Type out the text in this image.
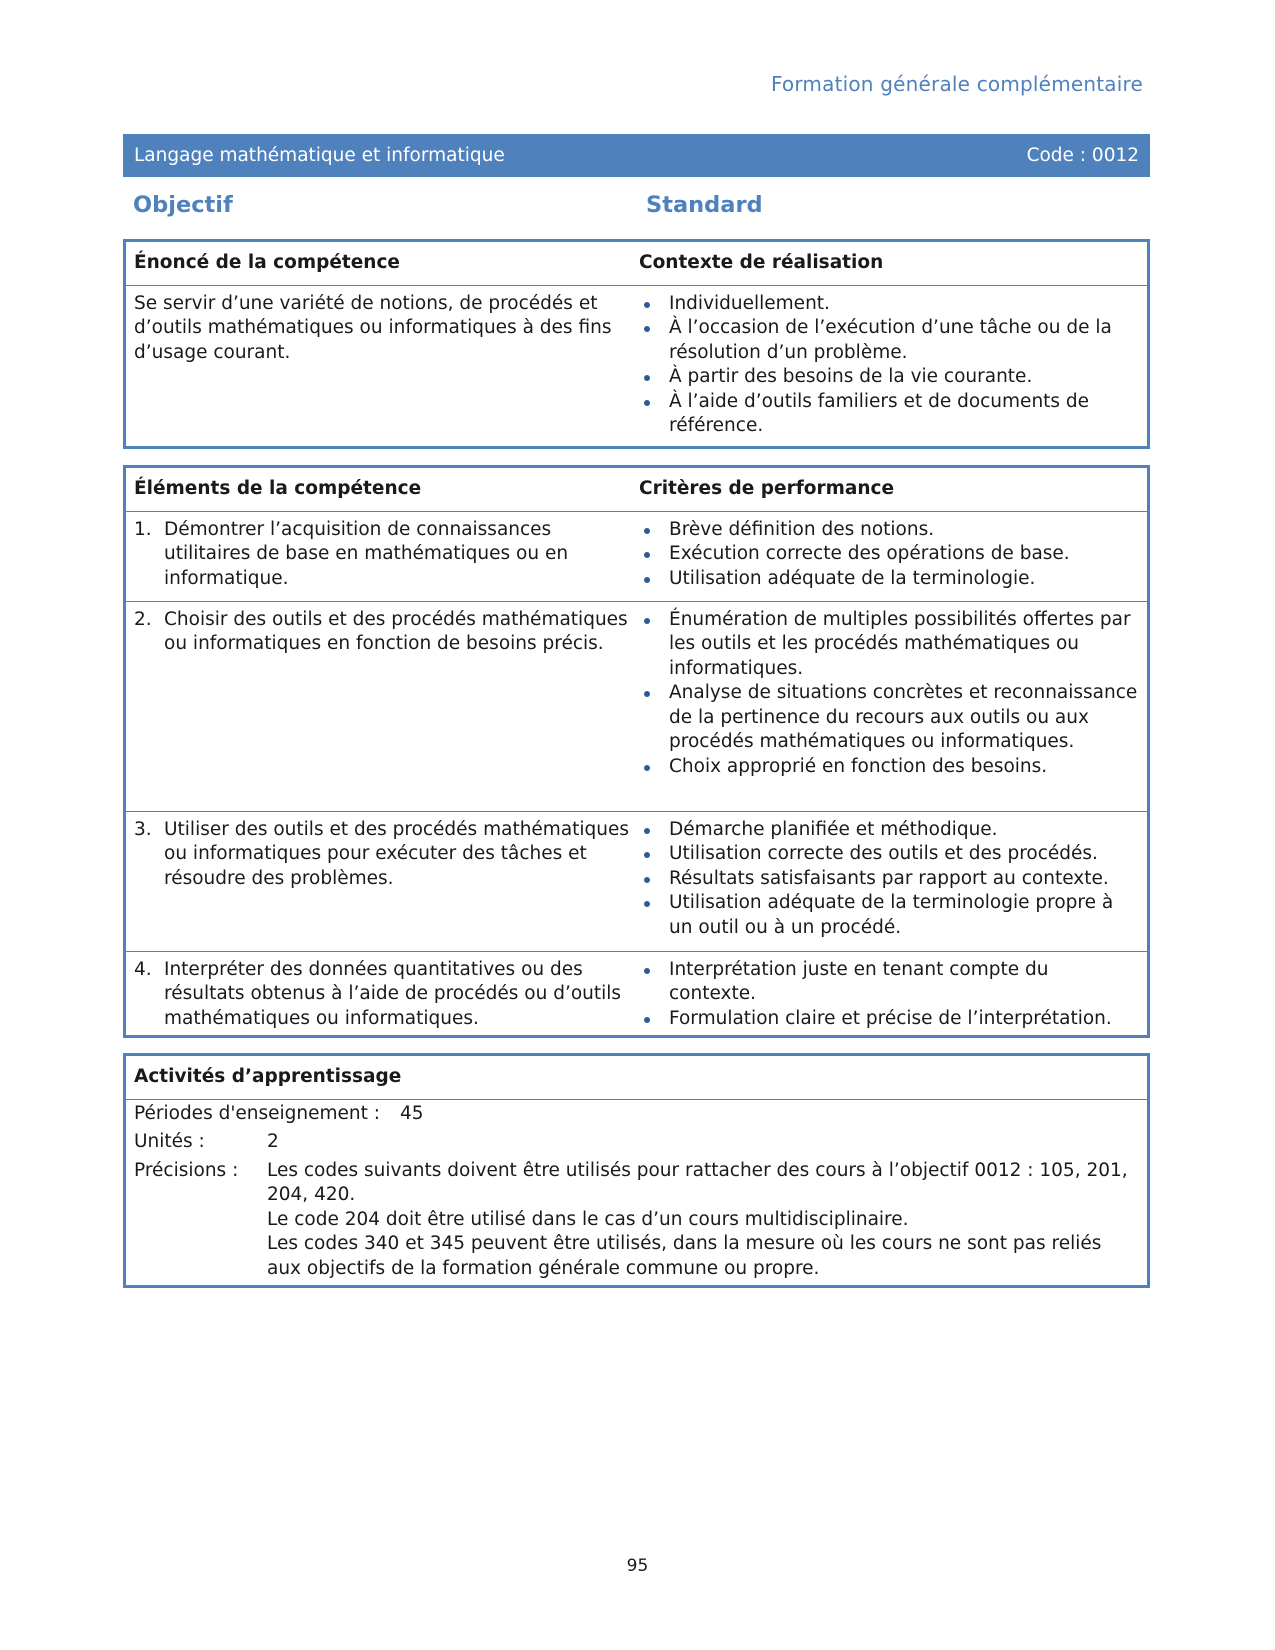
Formation générale complémentaire
Langage mathématique et informatique	Code : 0012
Objectif	Standard
Énoncé de la compétence	Contexte de réalisation
Se servir d’une variété de notions, de procédés et d’outils mathématiques ou informatiques à des fins d’usage courant.
Individuellement.
À l’occasion de l’exécution d’une tâche ou de la résolution d’un problème.
À partir des besoins de la vie courante.
À l’aide d’outils familiers et de documents de référence.
Éléments de la compétence	Critères de performance
1. Démontrer l’acquisition de connaissances utilitaires de base en mathématiques ou en informatique.
Brève définition des notions.
Exécution correcte des opérations de base.
Utilisation adéquate de la terminologie.
2. Choisir des outils et des procédés mathématiques ou informatiques en fonction de besoins précis.
Énumération de multiples possibilités offertes par les outils et les procédés mathématiques ou informatiques.
Analyse de situations concrètes et reconnaissance de la pertinence du recours aux outils ou aux procédés mathématiques ou informatiques.
Choix approprié en fonction des besoins.
3. Utiliser des outils et des procédés mathématiques ou informatiques pour exécuter des tâches et résoudre des problèmes.
Démarche planifiée et méthodique.
Utilisation correcte des outils et des procédés.
Résultats satisfaisants par rapport au contexte.
Utilisation adéquate de la terminologie propre à un outil ou à un procédé.
4. Interpréter des données quantitatives ou des résultats obtenus à l’aide de procédés ou d’outils mathématiques ou informatiques.
Interprétation juste en tenant compte du contexte.
Formulation claire et précise de l’interprétation.
Activités d’apprentissage
Périodes d'enseignement : 45
Unités :	2
Précisions :	Les codes suivants doivent être utilisés pour rattacher des cours à l’objectif 0012 : 105, 201, 204, 420.
Le code 204 doit être utilisé dans le cas d’un cours multidisciplinaire.
Les codes 340 et 345 peuvent être utilisés, dans la mesure où les cours ne sont pas reliés aux objectifs de la formation générale commune ou propre.
95
